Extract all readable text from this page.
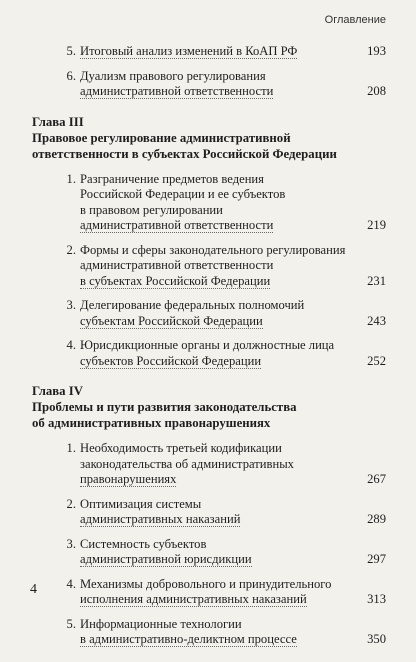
Оглавление
5. Итоговый анализ изменений в КоАП РФ	193
6. Дуализм правового регулирования
административной ответственности	208
Глава III
Правовое регулирование административной
ответственности в субъектах Российской Федерации
1. Разграничение предметов ведения
Российской Федерации и ее субъектов
в правовом регулировании
административной ответственности	219
2. Формы и сферы законодательного регулирования
административной ответственности
в субъектах Российской Федерации	231
3. Делегирование федеральных полномочий
субъектам Российской Федерации	243
4. Юрисдикционные органы и должностные лица
субъектов Российской Федерации	252
Глава IV
Проблемы и пути развития законодательства
об административных правонарушениях
1. Необходимость третьей кодификации
законодательства об административных
правонарушениях	267
2. Оптимизация системы
административных наказаний	289
3. Системность субъектов
административной юрисдикции	297
4. Механизмы добровольного и принудительного
исполнения административных наказаний	313
5. Информационные технологии
в административно-деликтном процессе	350
4
